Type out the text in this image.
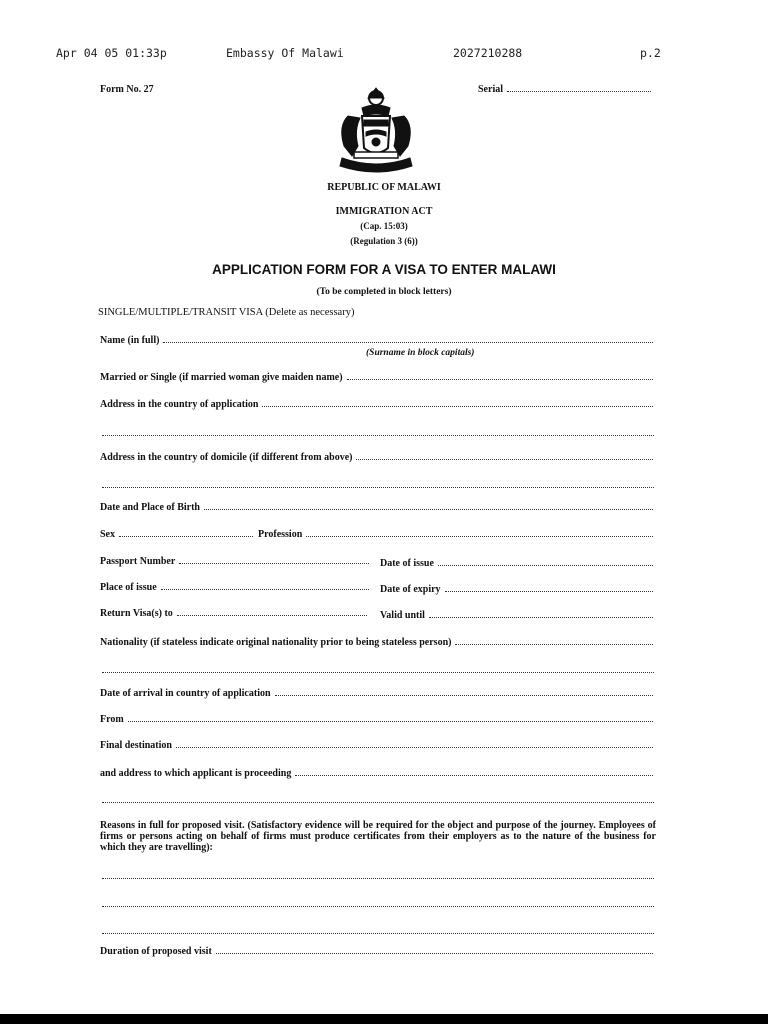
Apr 04 05 01:33p	Embassy Of Malawi	2027210288	p.2
Form No. 27	Serial
REPUBLIC OF MALAWI
IMMIGRATION ACT
(Cap. 15:03)
(Regulation 3 (6))
APPLICATION FORM FOR A VISA TO ENTER MALAWI
(To be completed in block letters)
SINGLE/MULTIPLE/TRANSIT VISA (Delete as necessary)
Name (in full)
(Surname in block capitals)
Married or Single (if married woman give maiden name)
Address in the country of application
Address in the country of domicile (if different from above)
Date and Place of Birth
Sex	Profession
Passport Number	Date of issue
Place of issue	Date of expiry
Return Visa(s) to	Valid until
Nationality (if stateless indicate original nationality prior to being stateless person)
Date of arrival in country of application
From
Final destination
and address to which applicant is proceeding
Reasons in full for proposed visit. (Satisfactory evidence will be required for the object and purpose of the journey. Employees of firms or persons acting on behalf of firms must produce certificates from their employers as to the nature of the business for which they are travelling):
Duration of proposed visit
